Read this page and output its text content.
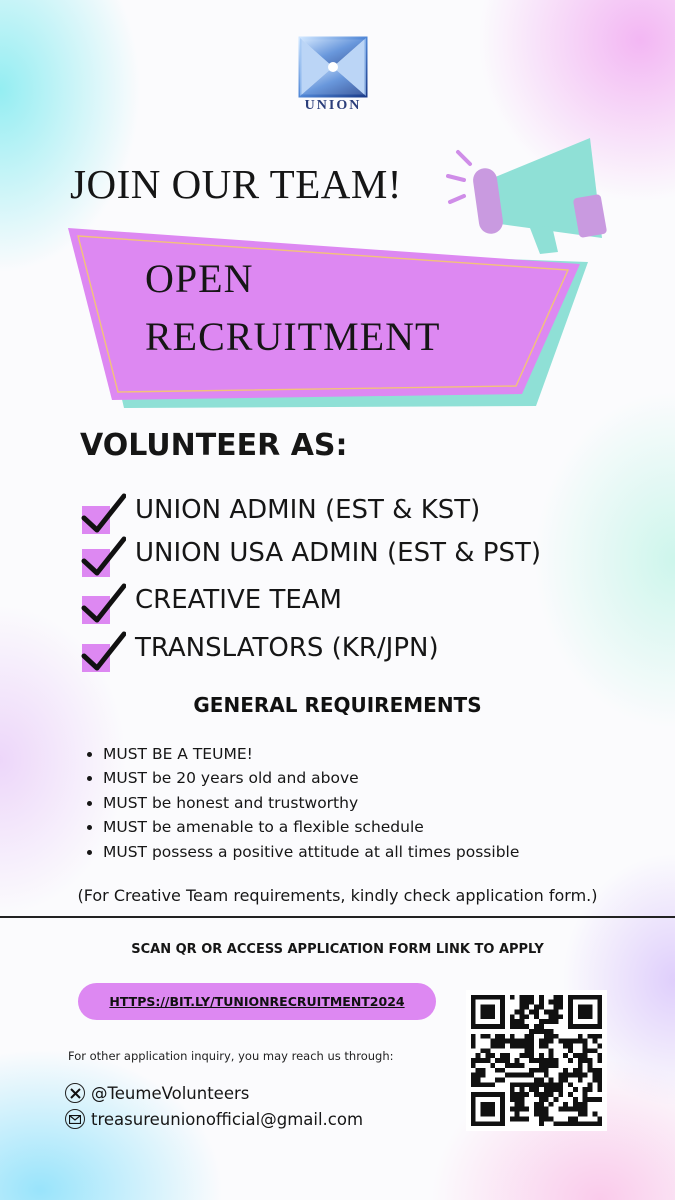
UNION
JOIN OUR TEAM!
OPEN
RECRUITMENT
VOLUNTEER AS:
UNION ADMIN (EST & KST)
UNION USA ADMIN (EST & PST)
CREATIVE TEAM
TRANSLATORS (KR/JPN)
GENERAL REQUIREMENTS
• MUST BE A TEUME!
• MUST be 20 years old and above
• MUST be honest and trustworthy
• MUST be amenable to a flexible schedule
• MUST possess a positive attitude at all times possible
(For Creative Team requirements, kindly check application form.)
SCAN QR OR ACCESS APPLICATION FORM LINK TO APPLY
HTTPS://BIT.LY/TUNIONRECRUITMENT2024
For other application inquiry, you may reach us through:
@TeumeVolunteers
treasureunionofficial@gmail.com
